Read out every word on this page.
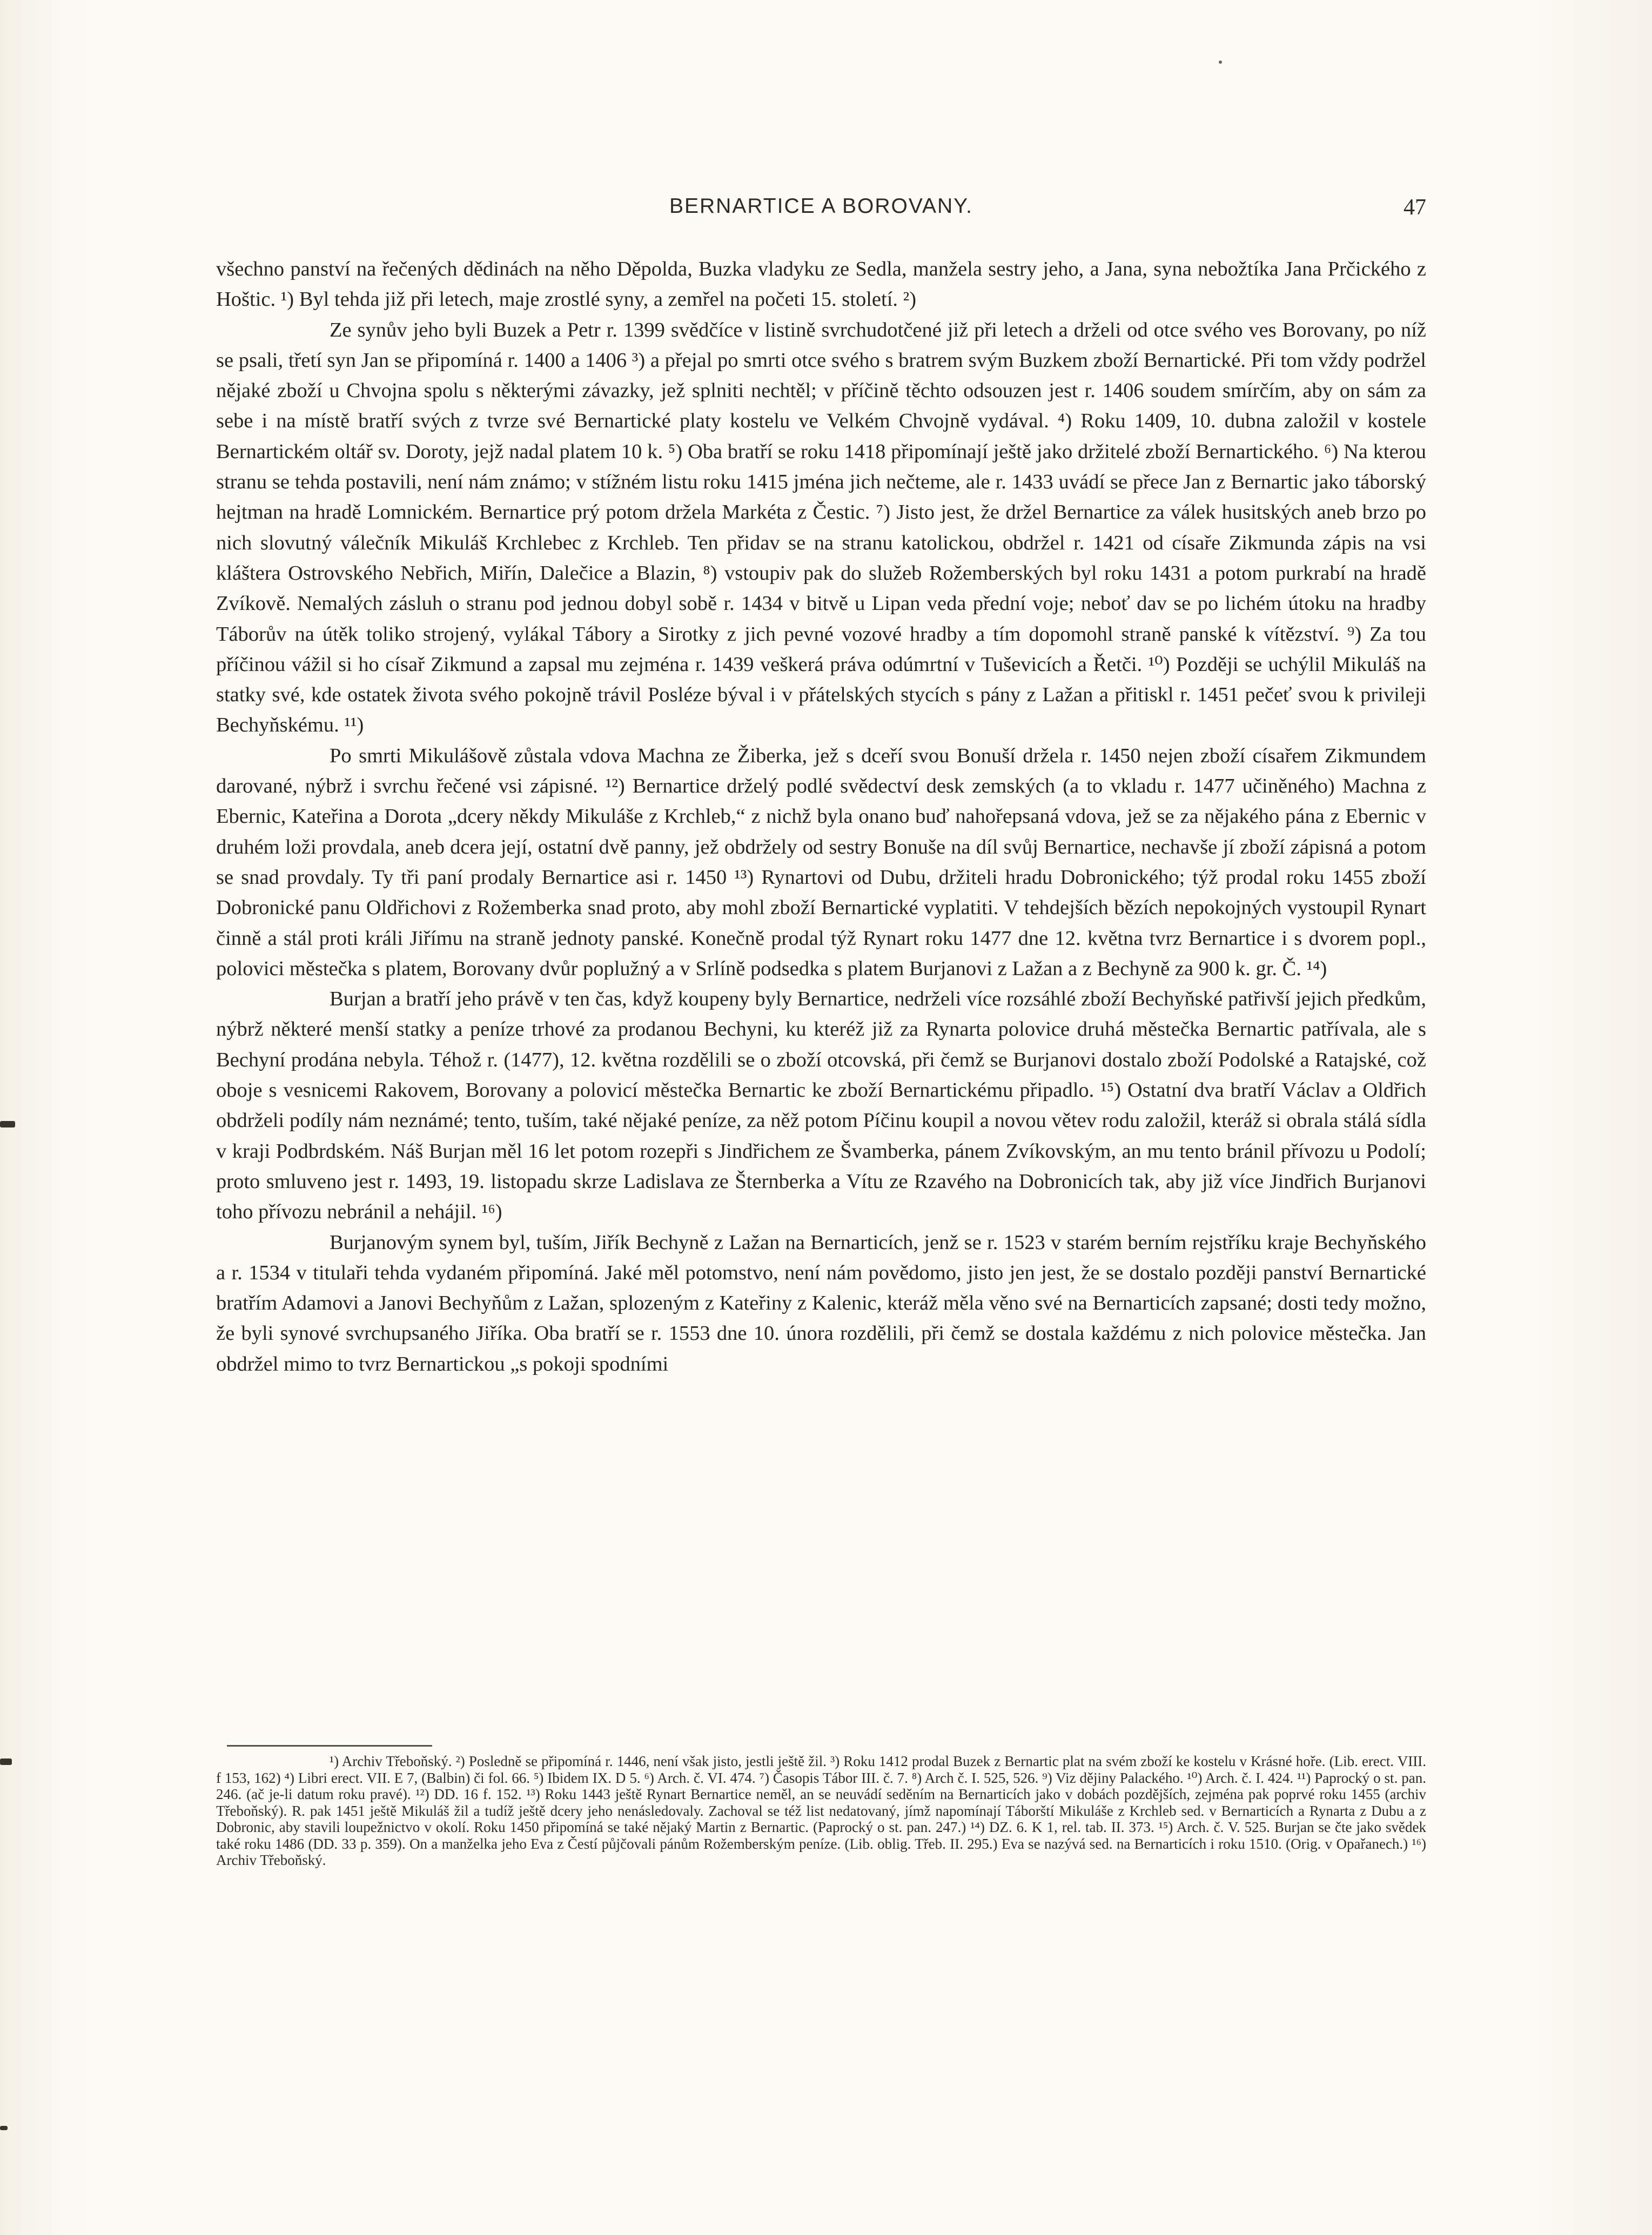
BERNARTICE A BOROVANY.	47

všechno panství na řečených dědinách na něho Děpolda, Buzka vladyku ze Sedla, manžela sestry jeho, a Jana, syna nebožtíka Jana Prčického z Hoštic. ¹) Byl tehda již při letech, maje zrostlé syny, a zemřel na početi 15. století. ²)

Ze synův jeho byli Buzek a Petr r. 1399 svědčíce v listině svrchudotčené již při letech a drželi od otce svého ves Borovany, po níž se psali, třetí syn Jan se připomíná r. 1400 a 1406 ³) a přejal po smrti otce svého s bratrem svým Buzkem zboží Bernartické. Při tom vždy podržel nějaké zboží u Chvojna spolu s některými závazky, jež splniti nechtěl; v příčině těchto odsouzen jest r. 1406 soudem smírčím, aby on sám za sebe i na místě bratří svých z tvrze své Bernartické platy kostelu ve Velkém Chvojně vydával. ⁴) Roku 1409, 10. dubna založil v kostele Bernartickém oltář sv. Doroty, jejž nadal platem 10 k. ⁵) Oba bratří se roku 1418 připomínají ještě jako držitelé zboží Bernartického. ⁶) Na kterou stranu se tehda postavili, není nám známo; v stížném listu roku 1415 jména jich nečteme, ale r. 1433 uvádí se přece Jan z Bernartic jako táborský hejtman na hradě Lomnickém. Bernartice prý potom držela Markéta z Čestic. ⁷) Jisto jest, že držel Bernartice za válek husitských aneb brzo po nich slovutný válečník Mikuláš Krchlebec z Krchleb. Ten přidav se na stranu katolickou, obdržel r. 1421 od císaře Zikmunda zápis na vsi kláštera Ostrovského Nebřich, Miřín, Dalečice a Blazin, ⁸) vstoupiv pak do služeb Rožemberských byl roku 1431 a potom purkrabí na hradě Zvíkově. Nemalých zásluh o stranu pod jednou dobyl sobě r. 1434 v bitvě u Lipan veda přední voje; neboť dav se po lichém útoku na hradby Táborův na útěk toliko strojený, vylákal Tábory a Sirotky z jich pevné vozové hradby a tím dopomohl straně panské k vítězství. ⁹) Za tou příčinou vážil si ho císař Zikmund a zapsal mu zejména r. 1439 veškerá práva odúmrtní v Tuševicích a Řetči. ¹⁰) Později se uchýlil Mikuláš na statky své, kde ostatek života svého pokojně trávil Posléze býval i v přátelských stycích s pány z Lažan a přitiskl r. 1451 pečeť svou k privileji Bechyňskému. ¹¹)

Po smrti Mikulášově zůstala vdova Machna ze Žiberka, jež s dceří svou Bonuší držela r. 1450 nejen zboží císařem Zikmundem darované, nýbrž i svrchu řečené vsi zápisné. ¹²) Bernartice drželý podlé svědectví desk zemských (a to vkladu r. 1477 učiněného) Machna z Ebernic, Kateřina a Dorota „dcery někdy Mikuláše z Krchleb,“ z nichž byla onano buď nahořepsaná vdova, jež se za nějakého pána z Ebernic v druhém loži provdala, aneb dcera její, ostatní dvě panny, jež obdržely od sestry Bonuše na díl svůj Bernartice, nechavše jí zboží zápisná a potom se snad provdaly. Ty tři paní prodaly Bernartice asi r. 1450 ¹³) Rynartovi od Dubu, držiteli hradu Dobronického; týž prodal roku 1455 zboží Dobronické panu Oldřichovi z Rožemberka snad proto, aby mohl zboží Bernartické vyplatiti. V tehdejších bězích nepokojných vystoupil Rynart činně a stál proti králi Jiřímu na straně jednoty panské. Konečně prodal týž Rynart roku 1477 dne 12. května tvrz Bernartice i s dvorem popl., polovici městečka s platem, Borovany dvůr poplužný a v Srlíně podsedka s platem Burjanovi z Lažan a z Bechyně za 900 k. gr. Č. ¹⁴)

Burjan a bratří jeho právě v ten čas, když koupeny byly Bernartice, nedrželi více rozsáhlé zboží Bechyňské patřivší jejich předkům, nýbrž některé menší statky a peníze trhové za prodanou Bechyni, ku kteréž již za Rynarta polovice druhá městečka Bernartic patřívala, ale s Bechyní prodána nebyla. Téhož r. (1477), 12. května rozdělili se o zboží otcovská, při čemž se Burjanovi dostalo zboží Podolské a Ratajské, což oboje s vesnicemi Rakovem, Borovany a polovicí městečka Bernartic ke zboží Bernartickému připadlo. ¹⁵) Ostatní dva bratří Václav a Oldřich obdrželi podíly nám neznámé; tento, tuším, také nějaké peníze, za něž potom Píčinu koupil a novou větev rodu založil, kteráž si obrala stálá sídla v kraji Podbrdském. Náš Burjan měl 16 let potom rozepři s Jindřichem ze Švamberka, pánem Zvíkovským, an mu tento bránil přívozu u Podolí; proto smluveno jest r. 1493, 19. listopadu skrze Ladislava ze Šternberka a Vítu ze Rzavého na Dobronicích tak, aby již více Jindřich Burjanovi toho přívozu nebránil a nehájil. ¹⁶)

Burjanovým synem byl, tuším, Jiřík Bechyně z Lažan na Bernarticích, jenž se r. 1523 v starém berním rejstříku kraje Bechyňského a r. 1534 v titulaři tehda vydaném připomíná. Jaké měl potomstvo, není nám povědomo, jisto jen jest, že se dostalo později panství Bernartické bratřím Adamovi a Janovi Bechyňům z Lažan, splozeným z Kateřiny z Kalenic, kteráž měla věno své na Bernarticích zapsané; dosti tedy možno, že byli synové svrchupsaného Jiříka. Oba bratří se r. 1553 dne 10. února rozdělili, při čemž se dostala každému z nich polovice městečka. Jan obdržel mimo to tvrz Bernartickou „s pokoji spodními

¹) Archiv Třeboňský. ²) Posledně se připomíná r. 1446, není však jisto, jestli ještě žil. ³) Roku 1412 prodal Buzek z Bernartic plat na svém zboží ke kostelu v Krásné hoře. (Lib. erect. VIII. f 153, 162) ⁴) Libri erect. VII. E 7, (Balbin) či fol. 66. ⁵) Ibidem IX. D 5. ⁶) Arch. č. VI. 474. ⁷) Časopis Tábor III. č. 7. ⁸) Arch č. I. 525, 526. ⁹) Viz dějiny Palackého. ¹⁰) Arch. č. I. 424. ¹¹) Paprocký o st. pan. 246. (ač je-li datum roku pravé). ¹²) DD. 16 f. 152. ¹³) Roku 1443 ještě Rynart Bernartice neměl, an se neuvádí seděním na Bernarticích jako v dobách pozdějších, zejména pak poprvé roku 1455 (archiv Třeboňský). R. pak 1451 ještě Mikuláš žil a tudíž ještě dcery jeho nenásledovaly. Zachoval se též list nedatovaný, jímž napomínají Táborští Mikuláše z Krchleb sed. v Bernarticích a Rynarta z Dubu a z Dobronic, aby stavili loupežnictvo v okolí. Roku 1450 připomíná se také nějaký Martin z Bernartic. (Paprocký o st. pan. 247.) ¹⁴) DZ. 6. K 1, rel. tab. II. 373. ¹⁵) Arch. č. V. 525. Burjan se čte jako svědek také roku 1486 (DD. 33 p. 359). On a manželka jeho Eva z Čestí půjčovali pánům Rožemberským peníze. (Lib. oblig. Třeb. II. 295.) Eva se nazývá sed. na Bernarticích i roku 1510. (Orig. v Opařanech.) ¹⁶) Archiv Třeboňský.
